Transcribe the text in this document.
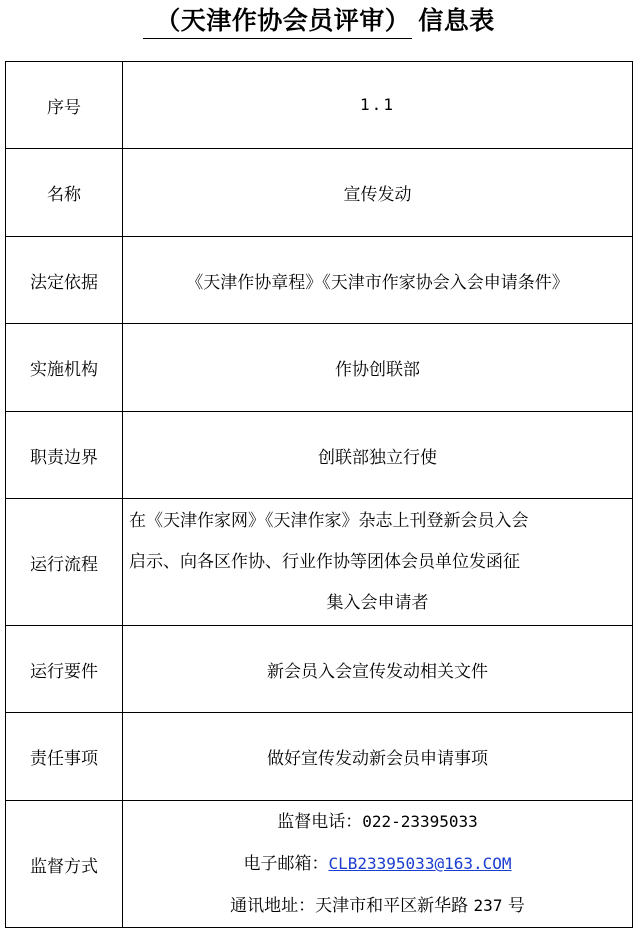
（天津作协会员评审） 信息表
序号	1.1
名称	宣传发动
法定依据	《天津作协章程》《天津市作家协会入会申请条件》
实施机构	作协创联部
职责边界	创联部独立行使
运行流程	在《天津作家网》《天津作家》杂志上刊登新会员入会
启示、向各区作协、行业作协等团体会员单位发函征
集入会申请者

运行要件	新会员入会宣传发动相关文件
责任事项	做好宣传发动新会员申请事项
监督方式	监督电话：022-23395033
电子邮箱：CLB23395033@163.COM
通讯地址：天津市和平区新华路 237 号
